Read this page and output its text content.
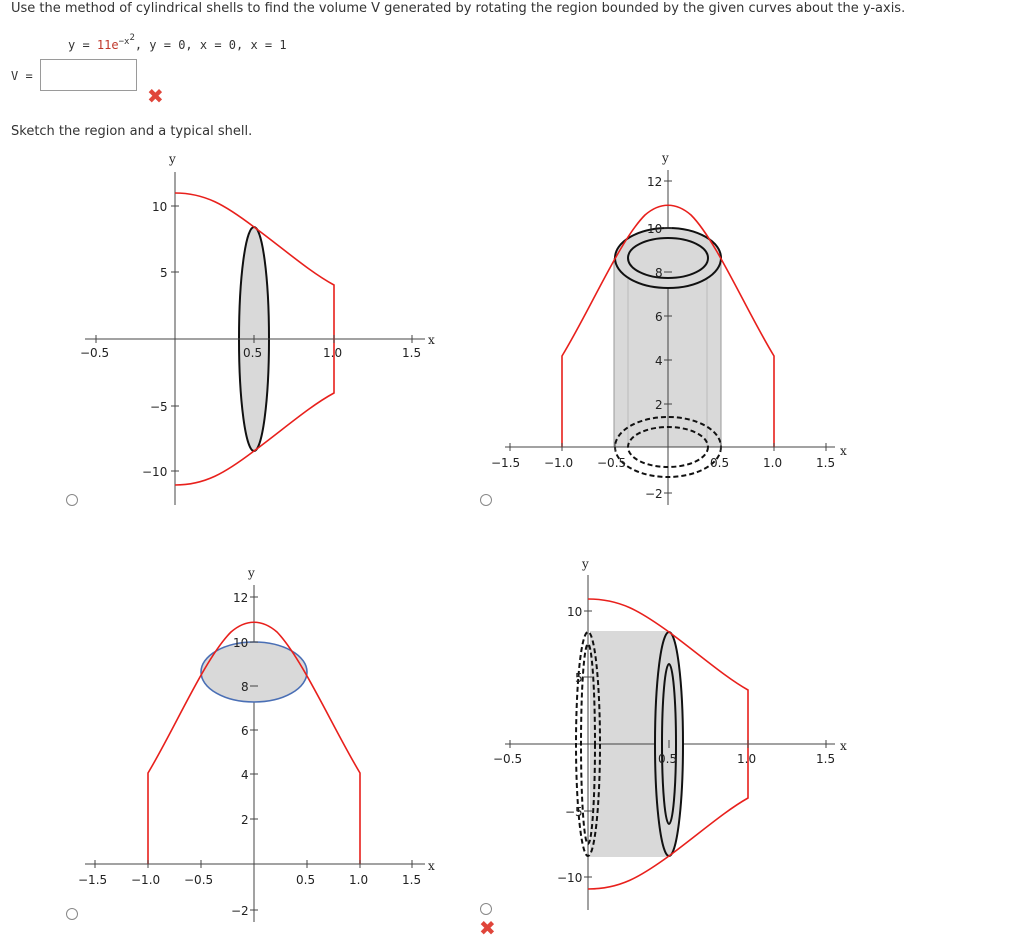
Use the method of cylindrical shells to find the volume V generated by rotating the region bounded by the given curves about the y-axis.
$y = 11e^{-x^2}$, y = 0, x = 0, x = 1
V =
✖
Sketch the region and a typical shell.
−0.5	0.5	1.0	1.5
10
5
−5
−10
x
y
−1.5 −1.0 −0.5	0.5	1.0	1.5
12
10
8
6
4
2
−2
x
y
−1.5 −1.0 −0.5	0.5	1.0	1.5
12
10
8
6
4
2
−2
x
y
−0.5	0.5	1.0	1.5
10
5
−5
−10
x
y
✖
